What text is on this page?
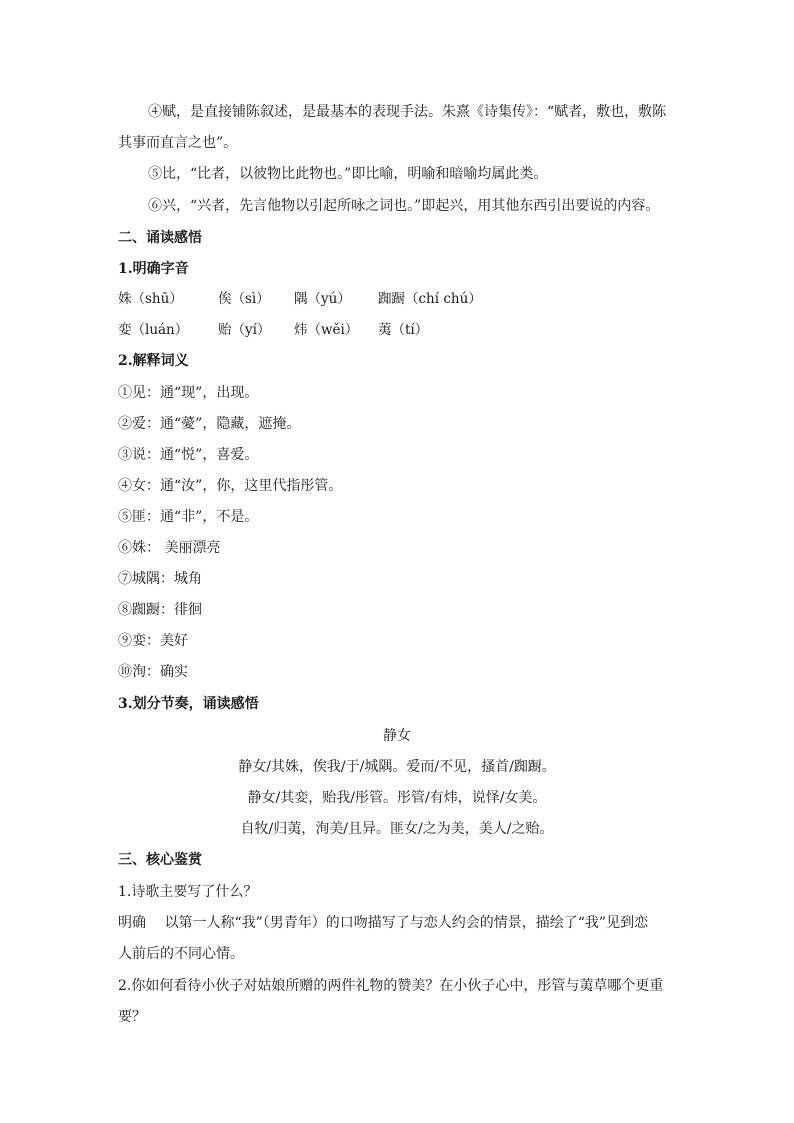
④赋，是直接铺陈叙述，是最基本的表现手法。朱熹《诗集传》：“赋者，敷也，敷陈
其事而直言之也”。
⑤比，“比者，以彼物比此物也。”即比喻，明喻和暗喻均属此类。
⑥兴，“兴者，先言他物以引起所咏之词也。”即起兴，用其他东西引出要说的内容。
二、诵读感悟
1.明确字音
姝（shū）	俟（sì） 隅（yú） 踟蹰（chí chú）
娈（luán） 贻（yí） 炜（wěi） 荑（tí）
2.解释词义
①见：通“现”，出现。
②爱：通“薆”，隐藏，遮掩。
③说：通“悦”，喜爱。
④女：通“汝”，你，这里代指彤管。
⑤匪：通“非”，不是。
⑥姝： 美丽漂亮
⑦城隅：城角
⑧踟蹰：徘徊
⑨娈：美好
⑩洵：确实
3.划分节奏，诵读感悟
静女
静女/其姝，俟我/于/城隅。爱而/不见，搔首/踟蹰。
静女/其娈，贻我/彤管。彤管/有炜，说怿/女美。
自牧/归荑，洵美/且异。匪女/之为美，美人/之贻。
三、核心鉴赏
1.诗歌主要写了什么？
明确　 以第一人称“我”（男青年）的口吻描写了与恋人约会的情景，描绘了“我”见到恋
人前后的不同心情。
2.你如何看待小伙子对姑娘所赠的两件礼物的赞美？在小伙子心中，彤管与荑草哪个更重
要？
